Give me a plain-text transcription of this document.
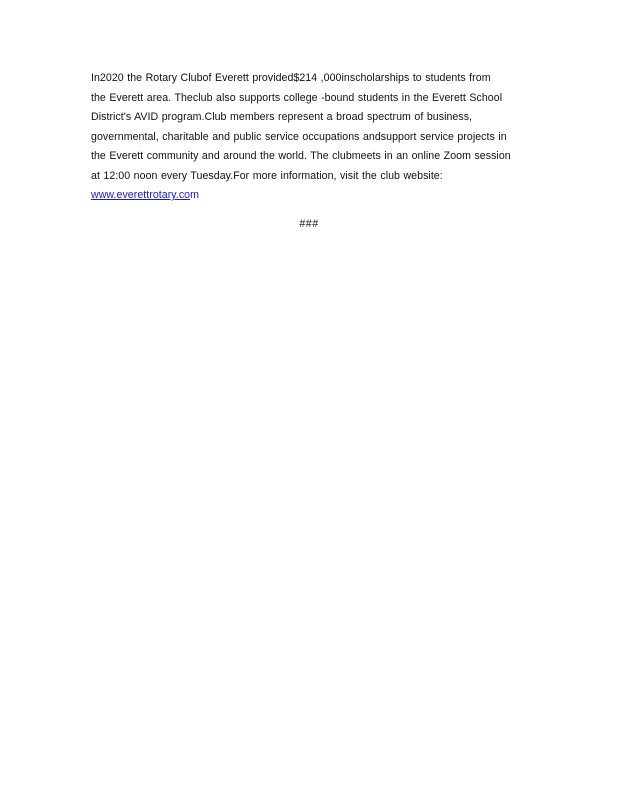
In2020 the Rotary Clubof Everett provided$214 ,000inscholarships to students from
the Everett area. Theclub also supports college -bound students in the Everett School
District's AVID program.Club members represent a broad spectrum of business,
governmental, charitable and public service occupations andsupport service projects in
the Everett community and around the world. The clubmeets in an online Zoom session
at 12:00 noon every Tuesday.For more information, visit the club website:
www.everettrotary.com
###
